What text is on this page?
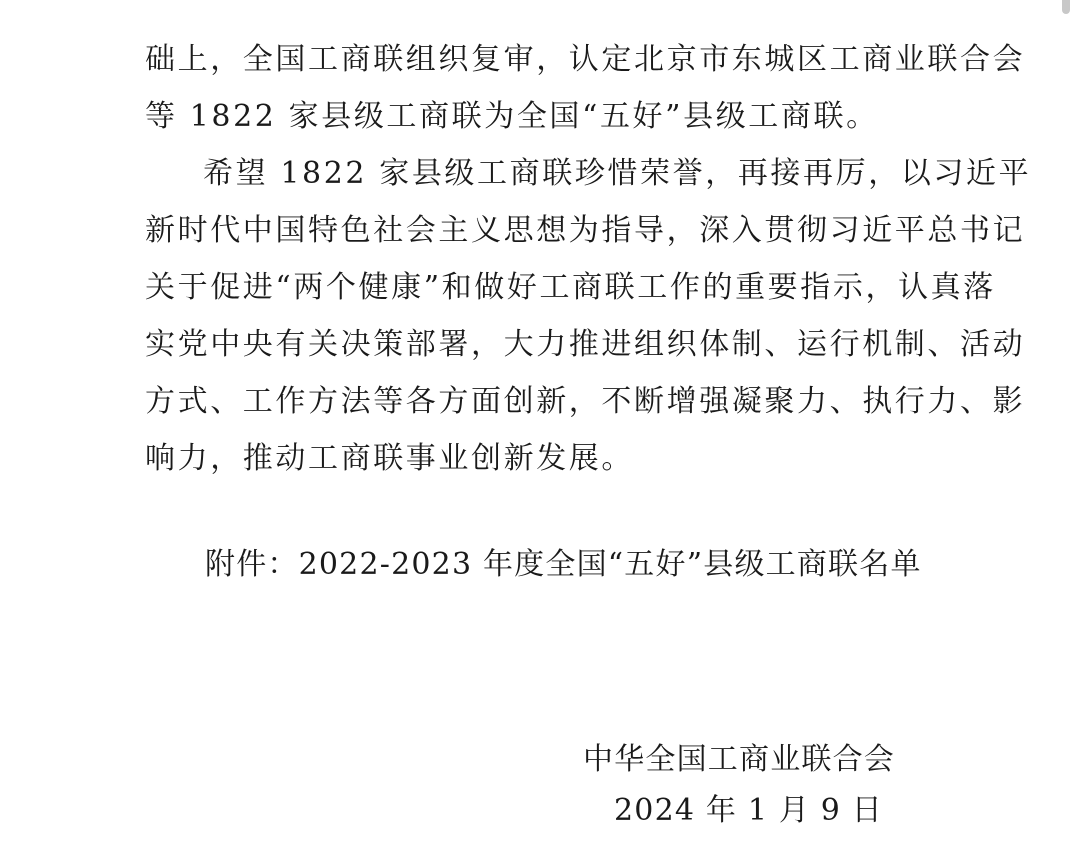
础上，全国工商联组织复审，认定北京市东城区工商业联合会
等 1822 家县级工商联为全国“五好”县级工商联。
希望 1822 家县级工商联珍惜荣誉，再接再厉，以习近平
新时代中国特色社会主义思想为指导，深入贯彻习近平总书记
关于促进“两个健康”和做好工商联工作的重要指示，认真落
实党中央有关决策部署，大力推进组织体制、运行机制、活动
方式、工作方法等各方面创新，不断增强凝聚力、执行力、影
响力，推动工商联事业创新发展。
附件：2022-2023 年度全国“五好”县级工商联名单
中华全国工商业联合会
2024 年 1 月 9 日
